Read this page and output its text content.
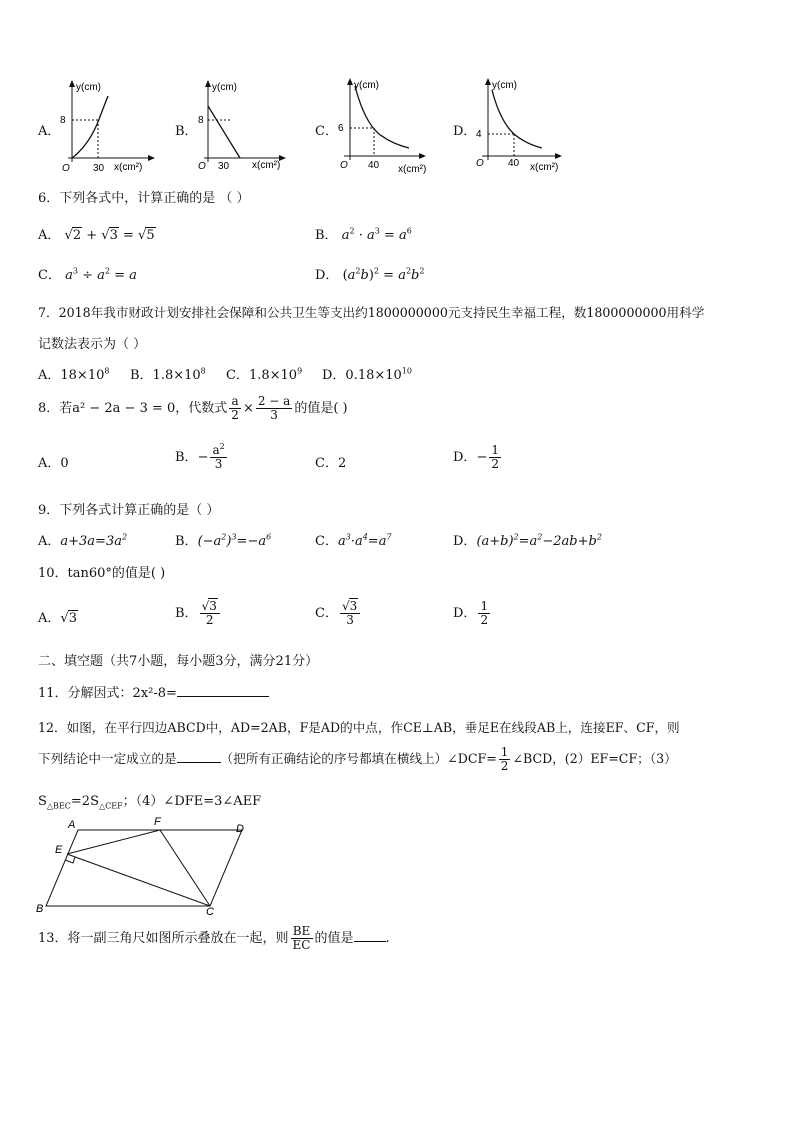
A．
y(cm)
8
30
O	x(cm²)
B．
y(cm)
8
30
O	x(cm²)
C．
y(cm)
6
40
O	x(cm²)
D．
y(cm)
4
40
O	x(cm²)
6．下列各式中，计算正确的是 （ ）
A． √2 + √3 = √5	B． $a^2 \cdot a^3 = a^6$
C． $a^3 \div a^2 = a$	D． $(a^2b)^2 = a^2b^2$
7．2018年我市财政计划安排社会保障和公共卫生等支出约1800000000元支持民生幸福工程，数1800000000用科学
记数法表示为（ ）
A．$18\times 10^8$ B．$1.8\times 10^8$ C．$1.8\times 10^9$ D．$0.18\times 10^{10}$
8．若a² − 2a − 3 = 0，代数式 $\frac{a}{2} \times \frac{2 - a}{3}$ 的值是( )
A．0	B．− $\frac{a^2}{3}$	C．2	D．− $\frac{1}{2}$
9．下列各式计算正确的是（ ）
A．$a+3a=3a^2$	B．$(-a^2)^3=-a^6$	C．$a^3\cdot a^4=a^7$	D．$(a+b)^2=a^2-2ab+b^2$
10．tan60°的值是( )
A．√3	B． $\frac{√3}{2}$	C． $\frac{√3}{3}$	D． $\frac{1}{2}$
二、填空题（共7小题，每小题3分，满分21分）
11．分解因式：2x²-8=
12．如图，在平行四边ABCD中，AD=2AB，F是AD的中点，作CE⊥AB，垂足E在线段AB上，连接EF、CF，则
下列结论中一定成立的是	（把所有正确结论的序号都填在横线上）∠DCF= $\frac{1}{2}$ ∠BCD，(2）EF=CF；（3）
$S_{\triangle BEC}=2S_{\triangle CEF}$；（4）∠DFE=3∠AEF
A	F
D
E
B	C
13．将一副三角尺如图所示叠放在一起，则 $\frac{BE}{EC}$ 的值是 .
